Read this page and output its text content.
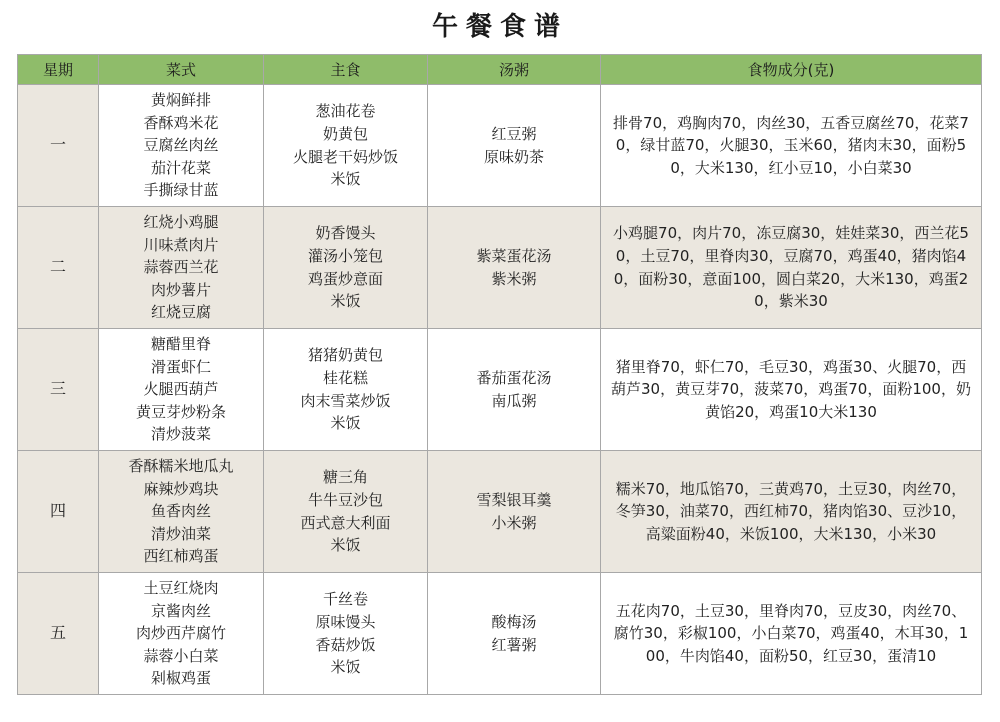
午餐食谱
星期	菜式	主食	汤粥	食物成分(克)
一	黄焖鲜排
香酥鸡米花
豆腐丝肉丝
茄汁花菜
手撕绿甘蓝	葱油花卷
奶黄包
火腿老干妈炒饭
米饭	红豆粥
原味奶茶	排骨70，鸡胸肉70，肉丝30，五香豆腐丝70，花菜70，绿甘蓝70，火腿30，玉米60，猪肉末30，面粉50，大米130，红小豆10，小白菜30

二	红烧小鸡腿
川味煮肉片
蒜蓉西兰花
肉炒薯片
红烧豆腐	奶香馒头
灌汤小笼包
鸡蛋炒意面
米饭	紫菜蛋花汤
紫米粥	小鸡腿70，肉片70，冻豆腐30，娃娃菜30，西兰花50，土豆70，里脊肉30，豆腐70，鸡蛋40，猪肉馅40，面粉30，意面100，圆白菜20，大米130，鸡蛋20，紫米30

三	糖醋里脊
滑蛋虾仁
火腿西葫芦
黄豆芽炒粉条
清炒菠菜	猪猪奶黄包
桂花糕
肉末雪菜炒饭
米饭	番茄蛋花汤
南瓜粥	猪里脊70，虾仁70，毛豆30，鸡蛋30、火腿70，西葫芦30，黄豆芽70，菠菜70，鸡蛋70，面粉100，奶黄馅20，鸡蛋10大米130

四	香酥糯米地瓜丸
麻辣炒鸡块
鱼香肉丝
清炒油菜
西红柿鸡蛋	糖三角
牛牛豆沙包
西式意大利面
米饭	雪梨银耳羹
小米粥	糯米70，地瓜馅70，三黄鸡70，土豆30，肉丝70，冬笋30，油菜70，西红柿70，猪肉馅30、豆沙10，高粱面粉40，米饭100，大米130，小米30

五	土豆红烧肉
京酱肉丝
肉炒西芹腐竹
蒜蓉小白菜
剁椒鸡蛋	千丝卷
原味馒头
香菇炒饭
米饭	酸梅汤
红薯粥	五花肉70，土豆30，里脊肉70，豆皮30，肉丝70、腐竹30，彩椒100，小白菜70，鸡蛋40，木耳30，100，牛肉馅40，面粉50，红豆30，蛋清10
